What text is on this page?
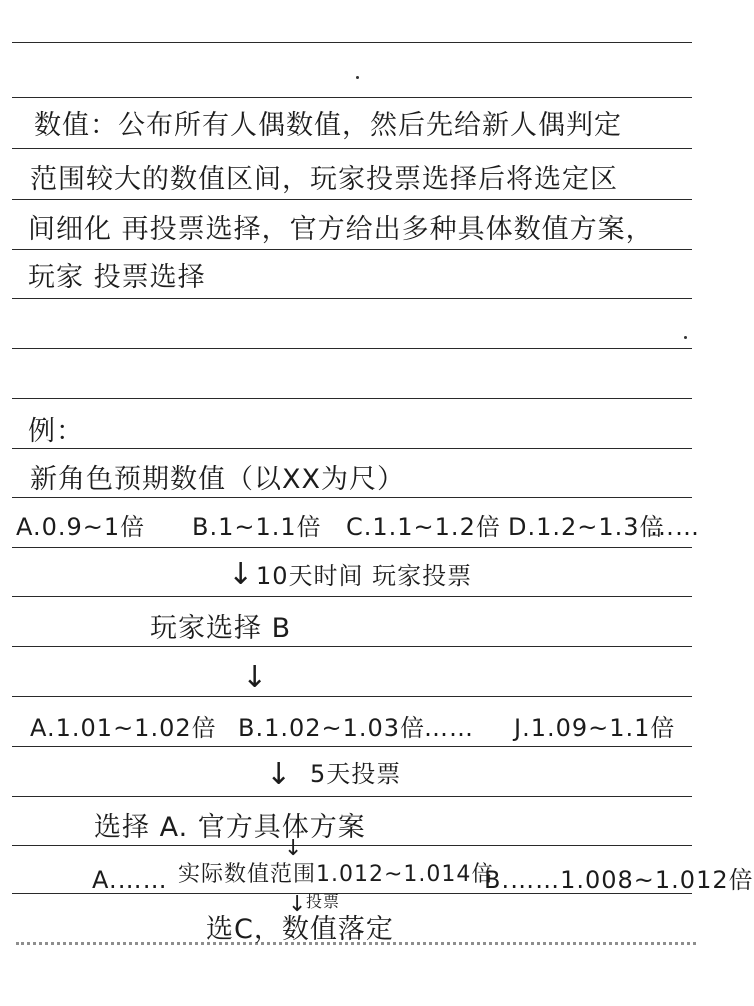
数值：公布所有人偶数值，然后先给新人偶判定
范围较大的数值区间，玩家投票选择后将选定区
间细化 再投票选择，官方给出多种具体数值方案，
玩家 投票选择
例：
新角色预期数值（以XX为尺）
A.0.9~1倍 B.1~1.1倍 C.1.1~1.2倍 D.1.2~1.3倍
……
↓ 10天时间 玩家投票
玩家选择 B
↓
A.1.01~1.02倍 B.1.02~1.03倍
…… J.1.09~1.1倍
↓ 5天投票
选择 A. 官方具体方案
↓
A.…… 实际数值范围1.012~1.014倍
B.……1.008~1.012倍
↓ 投票
选C，数值落定
